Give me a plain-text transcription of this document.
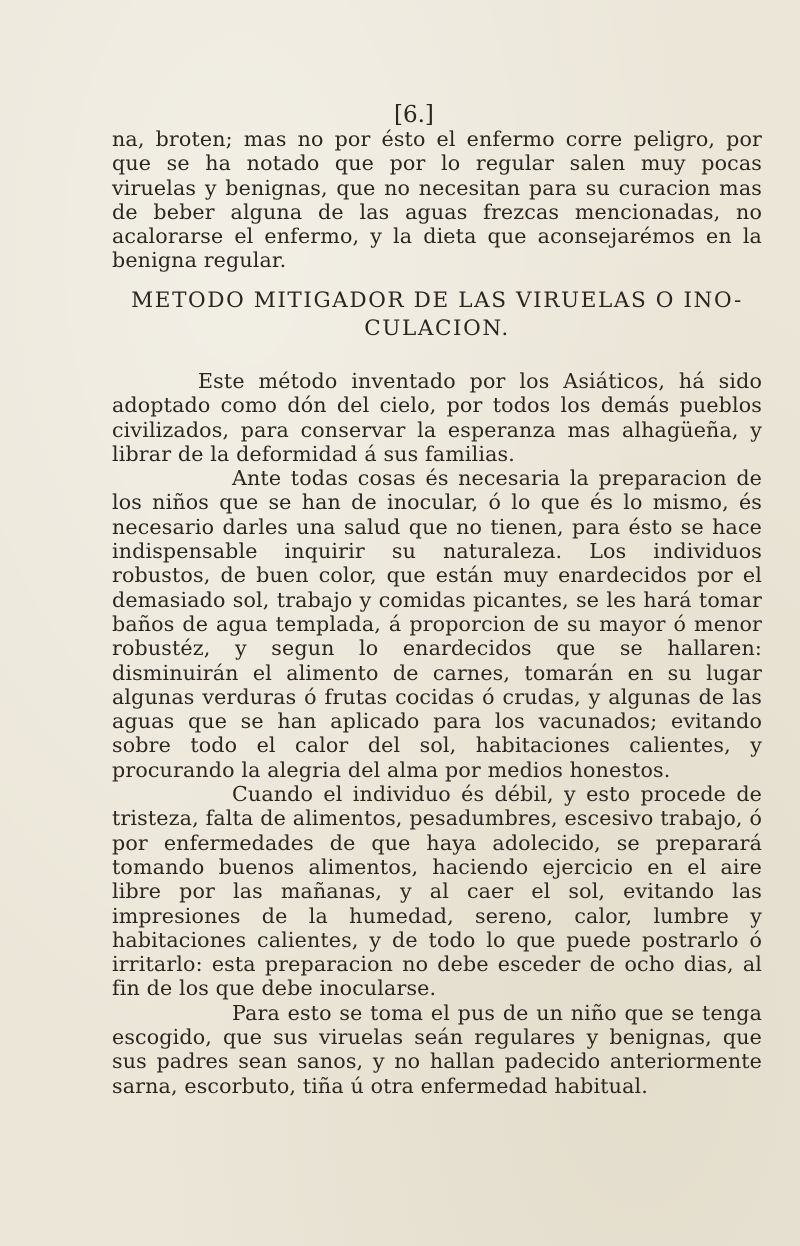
[6.]

na, broten; mas no por ésto el enfermo corre peligro, por que se ha notado que por lo regular salen muy pocas viruelas y benignas, que no necesitan para su curacion mas de beber alguna de las aguas frezcas mencionadas, no acalorarse el enfermo, y la dieta que aconsejarémos en la benigna regular.

METODO MITIGADOR DE LAS VIRUELAS O INO-
CULACION.

Este método inventado por los Asiáticos, há sido adoptado como dón del cielo, por todos los demás pueblos civilizados, para conservar la esperanza mas alhagüeña, y librar de la deformidad á sus familias.

Ante todas cosas és necesaria la preparacion de los niños que se han de inocular, ó lo que és lo mismo, és necesario darles una salud que no tienen, para ésto se hace indispensable inquirir su naturaleza. Los individuos robustos, de buen color, que están muy enardecidos por el demasiado sol, trabajo y comidas picantes, se les hará tomar baños de agua templada, á proporcion de su mayor ó menor robustéz, y segun lo enardecidos que se hallaren: disminuirán el alimento de carnes, tomarán en su lugar algunas verduras ó frutas cocidas ó crudas, y algunas de las aguas que se han aplicado para los vacunados; evitando sobre todo el calor del sol, habitaciones calientes, y procurando la alegria del alma por medios honestos.

Cuando el individuo és débil, y esto procede de tristeza, falta de alimentos, pesadumbres, escesivo trabajo, ó por enfermedades de que haya adolecido, se preparará tomando buenos alimentos, haciendo ejercicio en el aire libre por las mañanas, y al caer el sol, evitando las impresiones de la humedad, sereno, calor, lumbre y habitaciones calientes, y de todo lo que puede postrarlo ó irritarlo: esta preparacion no debe esceder de ocho dias, al fin de los que debe inocularse.

Para esto se toma el pus de un niño que se tenga escogido, que sus viruelas seán regulares y benignas, que sus padres sean sanos, y no hallan padecido anteriormente sarna, escorbuto, tiña ú otra enfermedad habitual.
